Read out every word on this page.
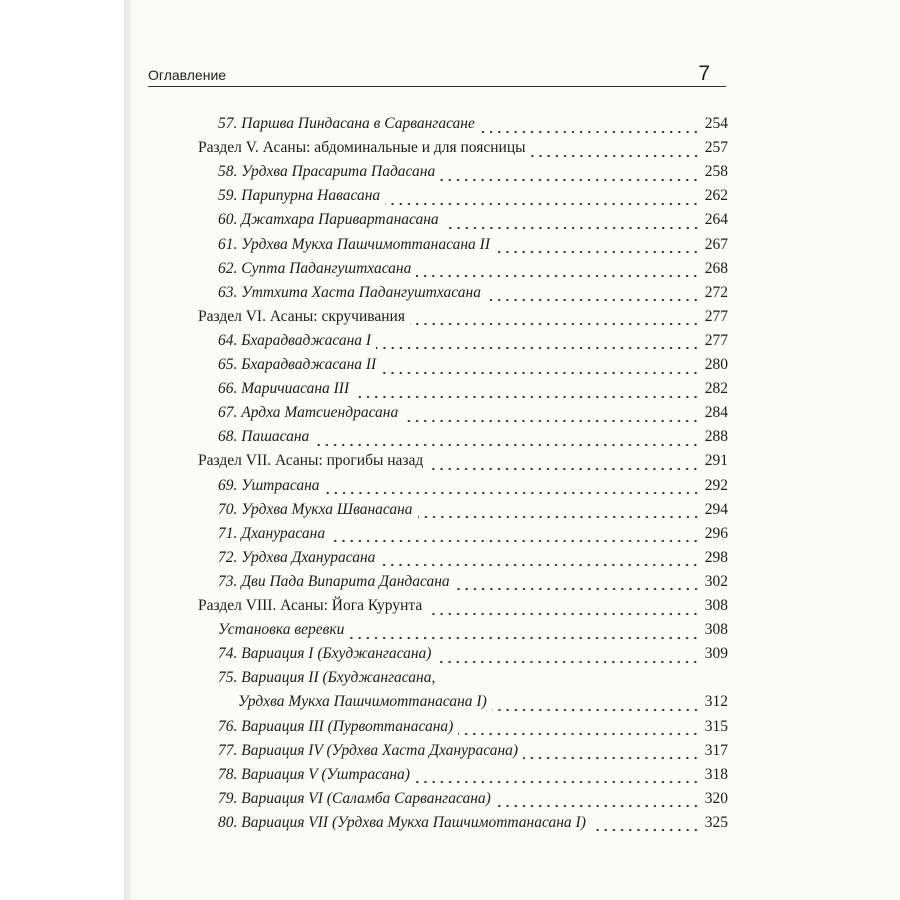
Оглавление	7
57. Паршва Пиндасана в Сарвангасане	254
Раздел V. Асаны: абдоминальные и для поясницы	257
58. Урдхва Прасарита Падасана	258
59. Парипурна Навасана	262
60. Джатхара Паривартанасана	264
61. Урдхва Мукха Пашчимоттанасана II	267
62. Супта Падангуштхасана	268
63. Уттхита Хаста Падангуштхасана	272
Раздел VI. Асаны: скручивания	277
64. Бхарадваджасана I	277
65. Бхарадваджасана II	280
66. Маричиасана III	282
67. Ардха Матсиендрасана	284
68. Пашасана	288
Раздел VII. Асаны: прогибы назад	291
69. Уштрасана	292
70. Урдхва Мукха Шванасана	294
71. Дханурасана	296
72. Урдхва Дханурасана	298
73. Дви Пада Випарита Дандасана	302
Раздел VIII. Асаны: Йога Курунта	308
Установка веревки	308
74. Вариация I (Бхуджангасана)	309
75. Вариация II (Бхуджангасана,
Урдхва Мукха Пашчимоттанасана I)	312
76. Вариация III (Пурвоттанасана)	315
77. Вариация IV (Урдхва Хаста Дханурасана)	317
78. Вариация V (Уштрасана)	318
79. Вариация VI (Саламба Сарвангасана)	320
80. Вариация VII (Урдхва Мукха Пашчимоттанасана I)	325
